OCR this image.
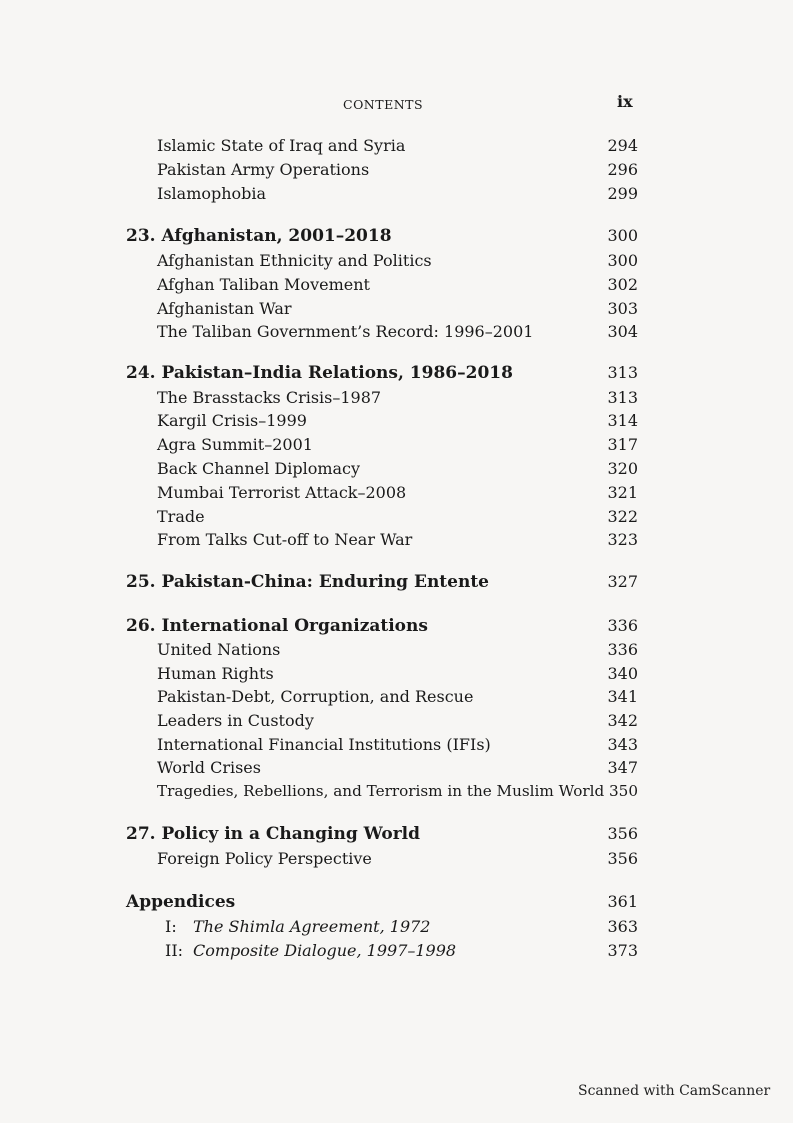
CONTENTS	ix
Islamic State of Iraq and Syria	294
Pakistan Army Operations	296
Islamophobia	299
23. Afghanistan, 2001–2018	300
Afghanistan Ethnicity and Politics	300
Afghan Taliban Movement	302
Afghanistan War	303
The Taliban Government’s Record: 1996–2001	304
24. Pakistan–India Relations, 1986–2018	313
The Brasstacks Crisis–1987	313
Kargil Crisis–1999	314
Agra Summit–2001	317
Back Channel Diplomacy	320
Mumbai Terrorist Attack–2008	321
Trade	322
From Talks Cut-off to Near War	323
25. Pakistan-China: Enduring Entente	327
26. International Organizations	336
United Nations	336
Human Rights	340
Pakistan-Debt, Corruption, and Rescue	341
Leaders in Custody	342
International Financial Institutions (IFIs)	343
World Crises	347
Tragedies, Rebellions, and Terrorism in the Muslim World 350
27. Policy in a Changing World	356
Foreign Policy Perspective	356
Appendices	361
I: The Shimla Agreement, 1972	363
II: Composite Dialogue, 1997–1998	373
Scanned with CamScanner
